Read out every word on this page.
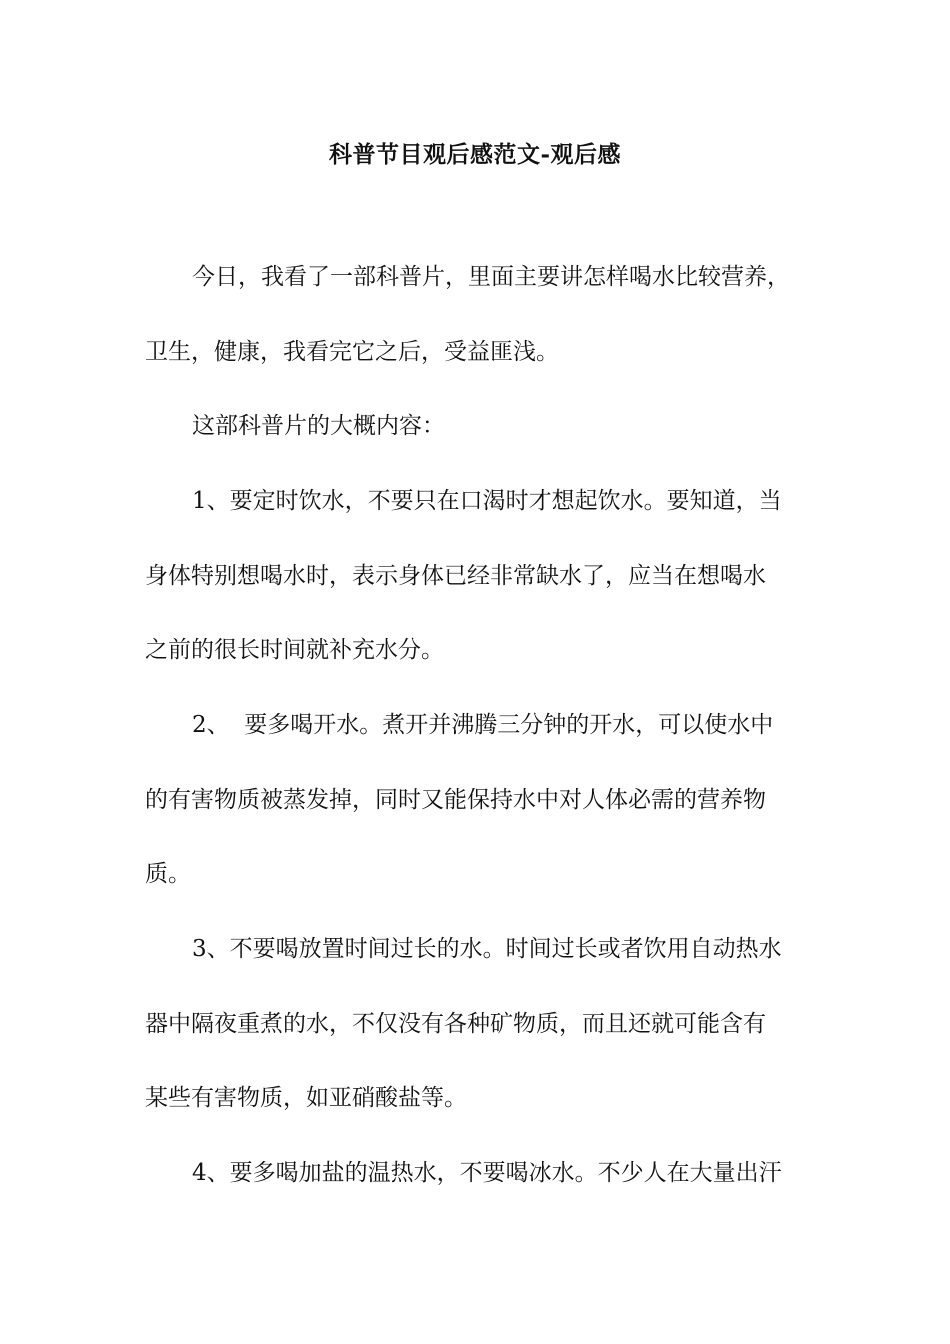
科普节目观后感范文-观后感

今日，我看了一部科普片，里面主要讲怎样喝水比较营养，

卫生，健康，我看完它之后，受益匪浅。

这部科普片的大概内容：

1、要定时饮水，不要只在口渴时才想起饮水。要知道，当

身体特别想喝水时，表示身体已经非常缺水了，应当在想喝水

之前的很长时间就补充水分。

2、  要多喝开水。煮开并沸腾三分钟的开水，可以使水中

的有害物质被蒸发掉，同时又能保持水中对人体必需的营养物

质。

3、不要喝放置时间过长的水。时间过长或者饮用自动热水

器中隔夜重煮的水，不仅没有各种矿物质，而且还就可能含有

某些有害物质，如亚硝酸盐等。

4、要多喝加盐的温热水，不要喝冰水。不少人在大量出汗
